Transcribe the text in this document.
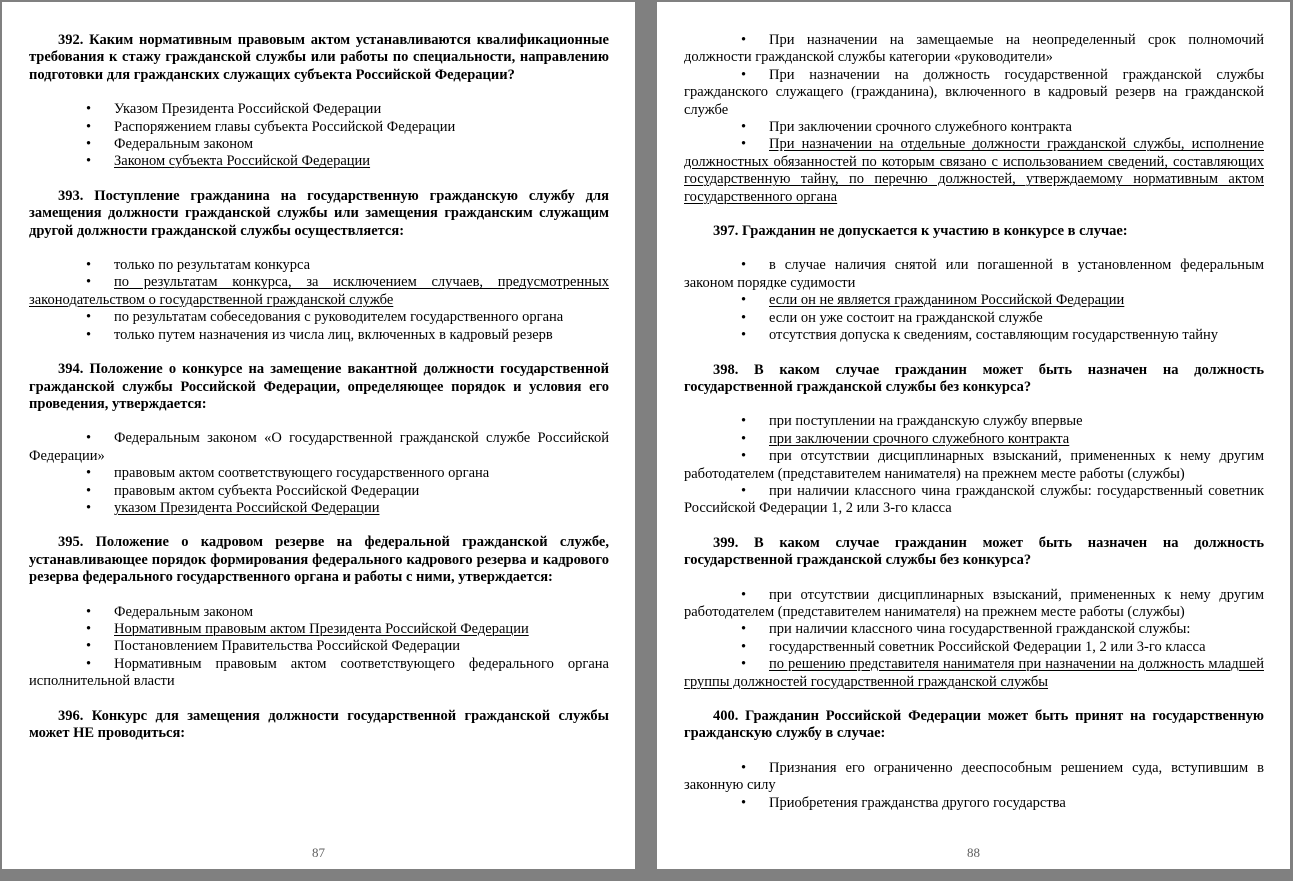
392. Каким нормативным правовым актом устанавливаются квалификационные требования к стажу гражданской службы или работы по специальности, направлению подготовки для гражданских служащих субъекта Российской Федерации?

• Указом Президента Российской Федерации
• Распоряжением главы субъекта Российской Федерации
• Федеральным законом
• Законом субъекта Российской Федерации

393. Поступление гражданина на государственную гражданскую службу для замещения должности гражданской службы или замещения гражданским служащим другой должности гражданской службы осуществляется:

• только по результатам конкурса
• по результатам конкурса, за исключением случаев, предусмотренных законодательством о государственной гражданской службе
• по результатам собеседования с руководителем государственного органа
• только путем назначения из числа лиц, включенных в кадровый резерв

394. Положение о конкурсе на замещение вакантной должности государственной гражданской службы Российской Федерации, определяющее порядок и условия его проведения, утверждается:

• Федеральным законом «О государственной гражданской службе Российской Федерации»
• правовым актом соответствующего государственного органа
• правовым актом субъекта Российской Федерации
• указом Президента Российской Федерации

395. Положение о кадровом резерве на федеральной гражданской службе, устанавливающее порядок формирования федерального кадрового резерва и кадрового резерва федерального государственного органа и работы с ними, утверждается:

• Федеральным законом
• Нормативным правовым актом Президента Российской Федерации
• Постановлением Правительства Российской Федерации
• Нормативным правовым актом соответствующего федерального органа исполнительной власти

396. Конкурс для замещения должности государственной гражданской службы может НЕ проводиться:

87
• При назначении на замещаемые на неопределенный срок полномочий должности гражданской службы категории «руководители»
• При назначении на должность государственной гражданской службы гражданского служащего (гражданина), включенного в кадровый резерв на гражданской службе
• При заключении срочного служебного контракта
• При назначении на отдельные должности гражданской службы, исполнение должностных обязанностей по которым связано с использованием сведений, составляющих государственную тайну, по перечню должностей, утверждаемому нормативным актом государственного органа

397. Гражданин не допускается к участию в конкурсе в случае:

• в случае наличия снятой или погашенной в установленном федеральным законом порядке судимости
• если он не является гражданином Российской Федерации
• если он уже состоит на гражданской службе
• отсутствия допуска к сведениям, составляющим государственную тайну

398. В каком случае гражданин может быть назначен на должность государственной гражданской службы без конкурса?

• при поступлении на гражданскую службу впервые
• при заключении срочного служебного контракта
• при отсутствии дисциплинарных взысканий, примененных к нему другим работодателем (представителем нанимателя) на прежнем месте работы (службы)
• при наличии классного чина гражданской службы: государственный советник Российской Федерации 1, 2 или 3-го класса

399. В каком случае гражданин может быть назначен на должность государственной гражданской службы без конкурса?

• при отсутствии дисциплинарных взысканий, примененных к нему другим работодателем (представителем нанимателя) на прежнем месте работы (службы)
• при наличии классного чина государственной гражданской службы:
• государственный советник Российской Федерации 1, 2 или 3-го класса
• по решению представителя нанимателя при назначении на должность младшей группы должностей государственной гражданской службы

400. Гражданин Российской Федерации может быть принят на государственную гражданскую службу в случае:

• Признания его ограниченно дееспособным решением суда, вступившим в законную силу
• Приобретения гражданства другого государства
88
